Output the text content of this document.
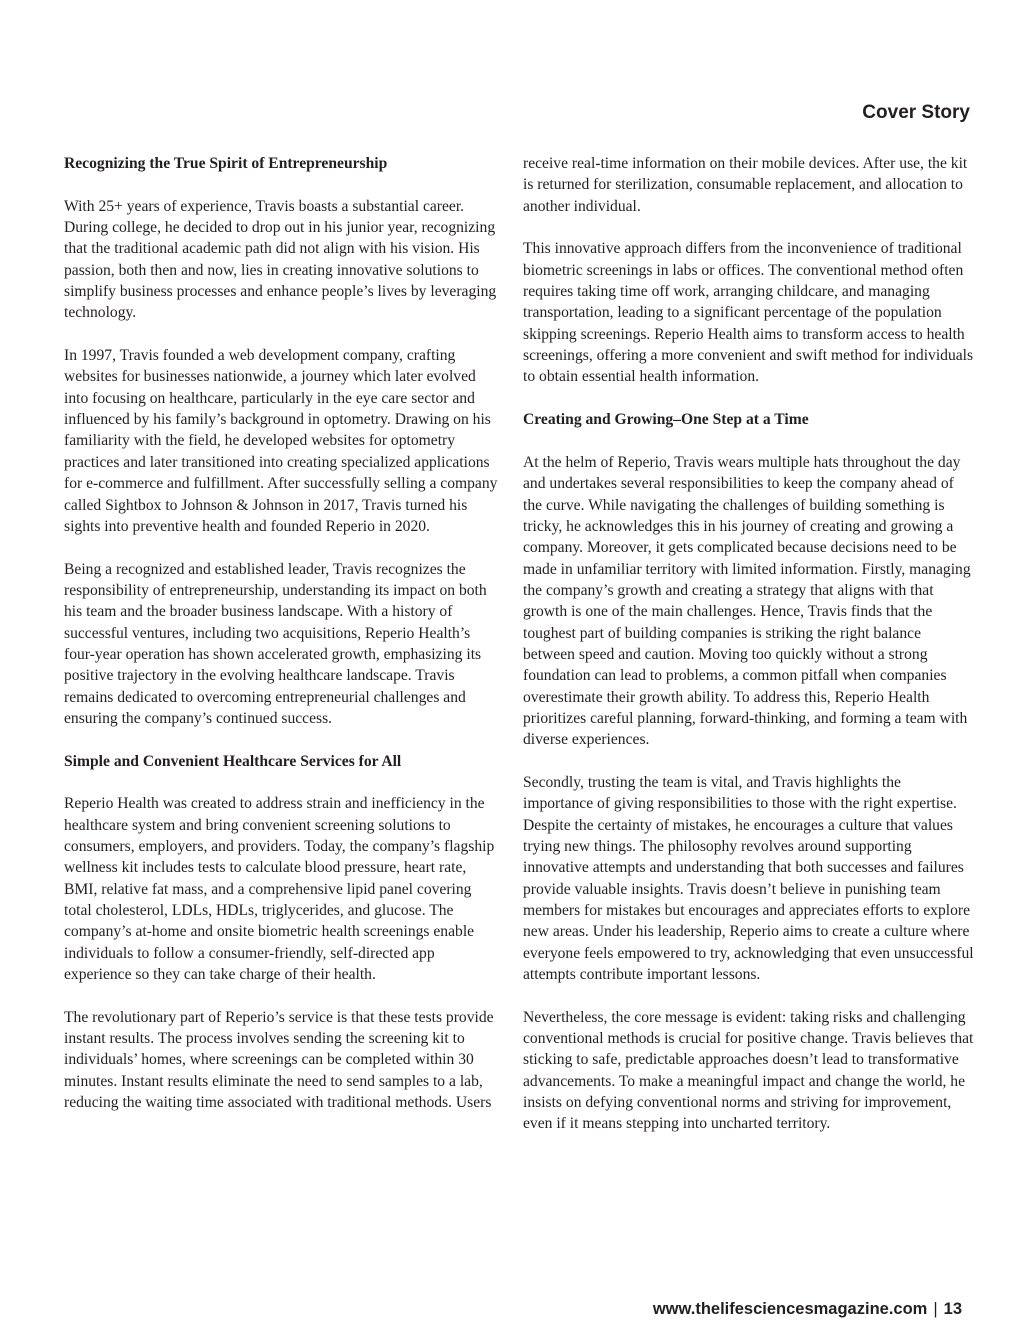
Cover Story
Recognizing the True Spirit of Entrepreneurship

With 25+ years of experience, Travis boasts a substantial career. During college, he decided to drop out in his junior year, recognizing that the traditional academic path did not align with his vision. His passion, both then and now, lies in creating innovative solutions to simplify business processes and enhance people’s lives by leveraging technology.

In 1997, Travis founded a web development company, crafting websites for businesses nationwide, a journey which later evolved into focusing on healthcare, particularly in the eye care sector and influenced by his family’s background in optometry. Drawing on his familiarity with the field, he developed websites for optometry practices and later transitioned into creating specialized applications for e-commerce and fulfillment. After successfully selling a company called Sightbox to Johnson & Johnson in 2017, Travis turned his sights into preventive health and founded Reperio in 2020.

Being a recognized and established leader, Travis recognizes the responsibility of entrepreneurship, understanding its impact on both his team and the broader business landscape. With a history of successful ventures, including two acquisitions, Reperio Health’s four-year operation has shown accelerated growth, emphasizing its positive trajectory in the evolving healthcare landscape. Travis remains dedicated to overcoming entrepreneurial challenges and ensuring the company’s continued success.

Simple and Convenient Healthcare Services for All

Reperio Health was created to address strain and inefficiency in the healthcare system and bring convenient screening solutions to consumers, employers, and providers. Today, the company’s flagship wellness kit includes tests to calculate blood pressure, heart rate, BMI, relative fat mass, and a comprehensive lipid panel covering total cholesterol, LDLs, HDLs, triglycerides, and glucose. The company’s at-home and onsite biometric health screenings enable individuals to follow a consumer-friendly, self-directed app experience so they can take charge of their health.

The revolutionary part of Reperio’s service is that these tests provide instant results. The process involves sending the screening kit to individuals’ homes, where screenings can be completed within 30 minutes. Instant results eliminate the need to send samples to a lab, reducing the waiting time associated with traditional methods. Users

receive real-time information on their mobile devices. After use, the kit is returned for sterilization, consumable replacement, and allocation to another individual.

This innovative approach differs from the inconvenience of traditional biometric screenings in labs or offices. The conventional method often requires taking time off work, arranging childcare, and managing transportation, leading to a significant percentage of the population skipping screenings. Reperio Health aims to transform access to health screenings, offering a more convenient and swift method for individuals to obtain essential health information.

Creating and Growing–One Step at a Time

At the helm of Reperio, Travis wears multiple hats throughout the day and undertakes several responsibilities to keep the company ahead of the curve. While navigating the challenges of building something is tricky, he acknowledges this in his journey of creating and growing a company. Moreover, it gets complicated because decisions need to be made in unfamiliar territory with limited information. Firstly, managing the company’s growth and creating a strategy that aligns with that growth is one of the main challenges. Hence, Travis finds that the toughest part of building companies is striking the right balance between speed and caution. Moving too quickly without a strong foundation can lead to problems, a common pitfall when companies overestimate their growth ability. To address this, Reperio Health prioritizes careful planning, forward-thinking, and forming a team with diverse experiences.

Secondly, trusting the team is vital, and Travis highlights the importance of giving responsibilities to those with the right expertise. Despite the certainty of mistakes, he encourages a culture that values trying new things. The philosophy revolves around supporting innovative attempts and understanding that both successes and failures provide valuable insights. Travis doesn’t believe in punishing team members for mistakes but encourages and appreciates efforts to explore new areas. Under his leadership, Reperio aims to create a culture where everyone feels empowered to try, acknowledging that even unsuccessful attempts contribute important lessons.

Nevertheless, the core message is evident: taking risks and challenging conventional methods is crucial for positive change. Travis believes that sticking to safe, predictable approaches doesn’t lead to transformative advancements. To make a meaningful impact and change the world, he insists on defying conventional norms and striving for improvement, even if it means stepping into uncharted territory.

www.thelifesciencesmagazine.com | 13
